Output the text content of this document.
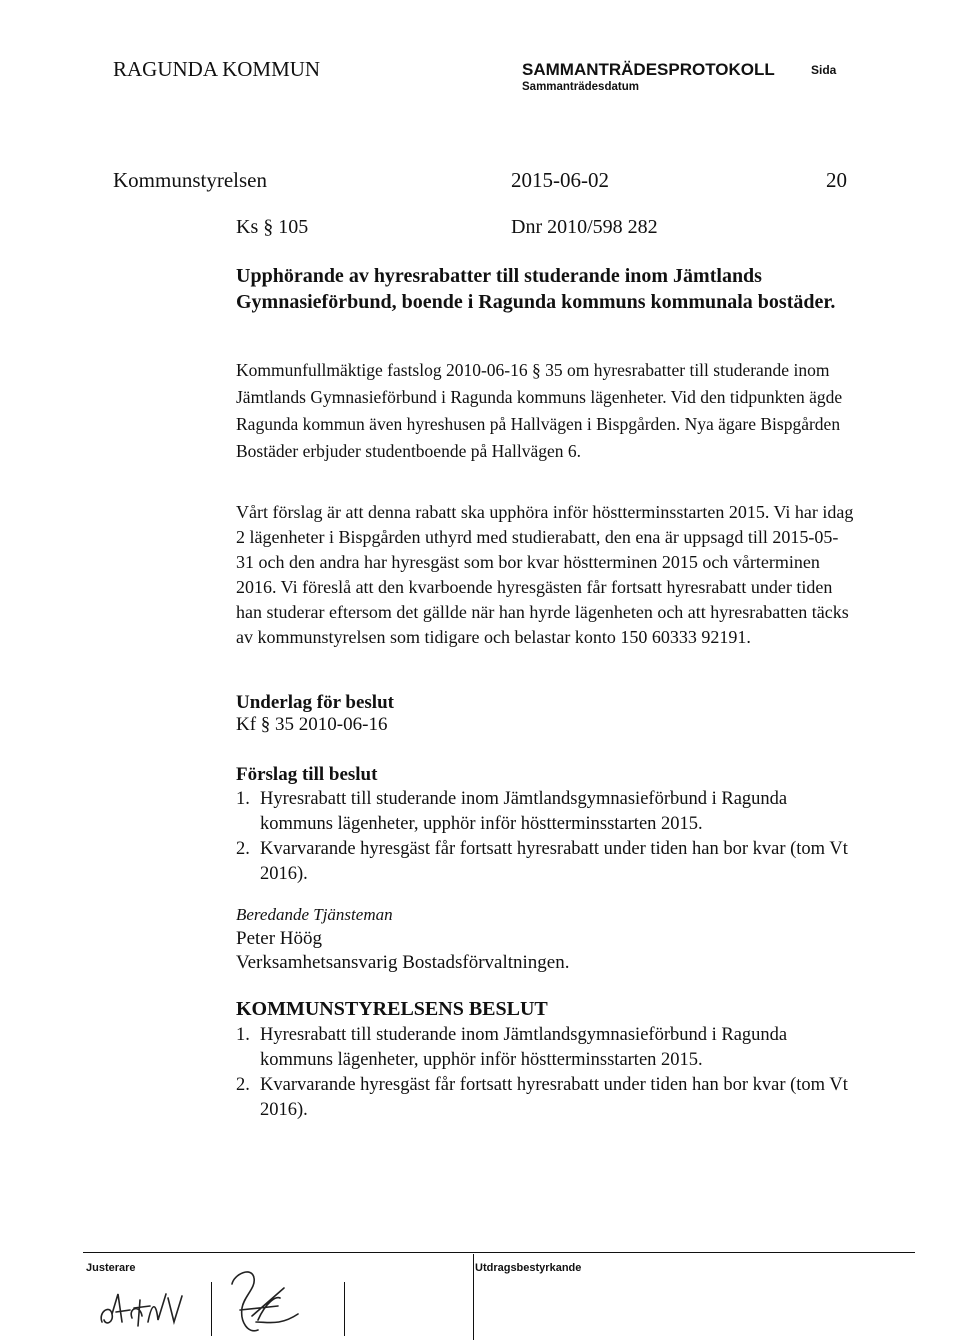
RAGUNDA KOMMUN	SAMMANTRÄDESPROTOKOLL
Sammanträdesdatum
Sida
Kommunstyrelsen	2015-06-02	20
Ks § 105	Dnr 2010/598 282
Upphörande av hyresrabatter till studerande inom Jämtlands Gymnasieförbund, boende i Ragunda kommuns kommunala bostäder.

Kommunfullmäktige fastslog 2010-06-16 § 35 om hyresrabatter till studerande inom Jämtlands Gymnasieförbund i Ragunda kommuns lägenheter. Vid den tidpunkten ägde Ragunda kommun även hyreshusen på Hallvägen i Bispgården. Nya ägare Bispgården Bostäder erbjuder studentboende på Hallvägen 6.

Vårt förslag är att denna rabatt ska upphöra inför höstterminsstarten 2015. Vi har idag 2 lägenheter i Bispgården uthyrd med studierabatt, den ena är uppsagd till 2015-05-31 och den andra har hyresgäst som bor kvar höstterminen 2015 och vårterminen 2016. Vi föreslå att den kvarboende hyresgästen får fortsatt hyresrabatt under tiden han studerar eftersom det gällde när han hyrde lägenheten och att hyresrabatten täcks av kommunstyrelsen som tidigare och belastar konto 150 60333 92191.

Underlag för beslut
Kf § 35 2010-06-16
Förslag till beslut
1. Hyresrabatt till studerande inom Jämtlandsgymnasieförbund i Ragunda kommuns lägenheter, upphör inför höstterminsstarten 2015.
2. Kvarvarande hyresgäst får fortsatt hyresrabatt under tiden han bor kvar (tom Vt 2016).
Beredande Tjänsteman
Peter Höög
Verksamhetsansvarig Bostadsförvaltningen.
KOMMUNSTYRELSENS BESLUT
1. Hyresrabatt till studerande inom Jämtlandsgymnasieförbund i Ragunda kommuns lägenheter, upphör inför höstterminsstarten 2015.
2. Kvarvarande hyresgäst får fortsatt hyresrabatt under tiden han bor kvar (tom Vt 2016).
Justerare	Utdragsbestyrkande
